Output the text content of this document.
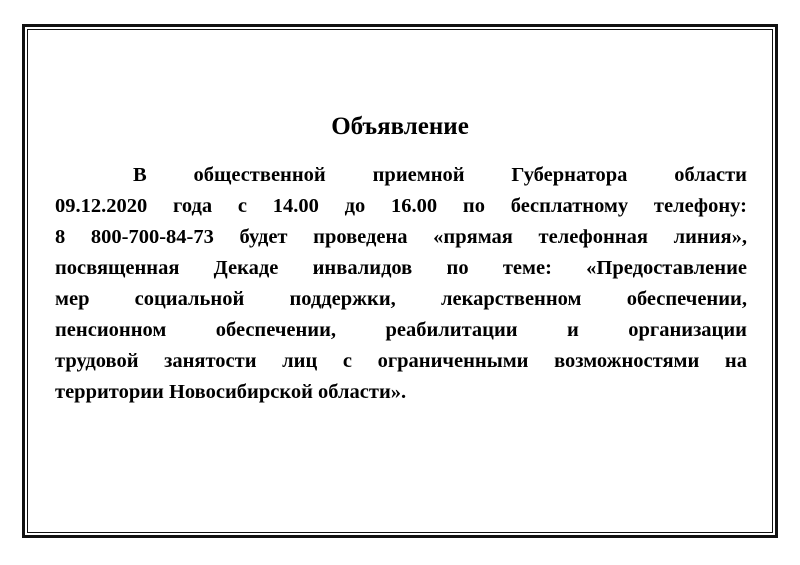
Объявление
В общественной приемной Губернатора области
09.12.2020 года с 14.00 до 16.00 по бесплатному телефону:
8 800-700-84-73 будет проведена «прямая телефонная линия»,
посвященная Декаде инвалидов по теме: «Предоставление
мер социальной поддержки, лекарственном обеспечении,
пенсионном обеспечении, реабилитации и организации
трудовой занятости лиц с ограниченными возможностями на
территории Новосибирской области».
